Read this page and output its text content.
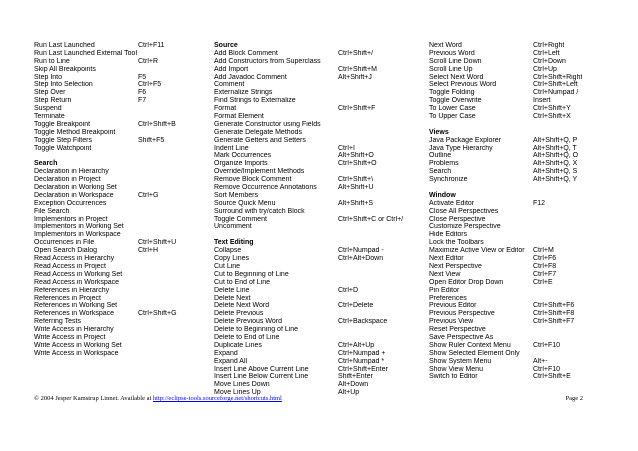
Run Last Launched	Ctrl+F11
Run Last Launched External Tool
Run to Line	Ctrl+R
Skip All Breakpoints
Step Into	F5
Step Into Selection	Ctrl+F5
Step Over	F6
Step Return	F7
Suspend
Terminate
Toggle Breakpoint	Ctrl+Shift+B
Toggle Method Breakpoint
Toggle Step Filters	Shift+F5
Toggle Watchpoint
Search
Declaration in Hierarchy
Declaration in Project
Declaration in Working Set
Declaration in Workspace	Ctrl+G
Exception Occurrences
File Search
Implementors in Project
Implementors in Working Set
Implementors in Workspace
Occurrences in File	Ctrl+Shift+U
Open Search Dialog	Ctrl+H
Read Access in Hierarchy
Read Access in Project
Read Access in Working Set
Read Access in Workspace
References in Hierarchy
References in Project
References in Working Set
References in Workspace	Ctrl+Shift+G
Referring Tests
Write Access in Hierarchy
Write Access in Project
Write Access in Working Set
Write Access in Workspace
Source
Add Block Comment	Ctrl+Shift+/
Add Constructors from Superclass
Add Import	Ctrl+Shift+M
Add Javadoc Comment	Alt+Shift+J
Comment
Externalize Strings
Find Strings to Externalize
Format	Ctrl+Shift+F
Format Element
Generate Constructor using Fields
Generate Delegate Methods
Generate Getters and Setters
Indent Line	Ctrl+I
Mark Occurrences	Alt+Shift+O
Organize Imports	Ctrl+Shift+O
Override/Implement Methods
Remove Block Comment	Ctrl+Shift+\
Remove Occurrence Annotations	Alt+Shift+U
Sort Members
Source Quick Menu	Alt+Shift+S
Surround with try/catch Block
Toggle Comment	Ctrl+Shift+C or Ctrl+/
Uncomment
Text Editing
Collapse	Ctrl+Numpad -
Copy Lines	Ctrl+Alt+Down
Cut Line
Cut to Beginning of Line
Cut to End of Line
Delete Line	Ctrl+D
Delete Next
Delete Next Word	Ctrl+Delete
Delete Previous
Delete Previous Word	Ctrl+Backspace
Delete to Beginning of Line
Delete to End of Line
Duplicate Lines	Ctrl+Alt+Up
Expand	Ctrl+Numpad +
Expand All	Ctrl+Numpad *
Insert Line Above Current Line	Ctrl+Shift+Enter
Insert Line Below Current Line	Shift+Enter
Move Lines Down	Alt+Down
Move Lines Up	Alt+Up
Next Word	Ctrl+Right
Previous Word	Ctrl+Left
Scroll Line Down	Ctrl+Down
Scroll Line Up	Ctrl+Up
Select Next Word	Ctrl+Shift+Right
Select Previous Word	Ctrl+Shift+Left
Toggle Folding	Ctrl+Numpad /
Toggle Overwrite	Insert
To Lower Case	Ctrl+Shift+Y
To Upper Case	Ctrl+Shift+X
Views
Java Package Explorer	Alt+Shift+Q, P
Java Type Hierarchy	Alt+Shift+Q, T
Outline	Alt+Shift+Q, O
Problems	Alt+Shift+Q, X
Search	Alt+Shift+Q, S
Synchronize	Alt+Shift+Q, Y
Window
Activate Editor	F12
Close All Perspectives
Close Perspective
Customize Perspective
Hide Editors
Lock the Toolbars
Maximize Active View or Editor	Ctrl+M
Next Editor	Ctrl+F6
Next Perspective	Ctrl+F8
Next View	Ctrl+F7
Open Editor Drop Down	Ctrl+E
Pin Editor
Preferences
Previous Editor	Ctrl+Shift+F6
Previous Perspective	Ctrl+Shift+F8
Previous View	Ctrl+Shift+F7
Reset Perspective
Save Perspective As
Show Ruler Context Menu	Ctrl+F10
Show Selected Element Only
Show System Menu	Alt+-
Show View Menu	Ctrl+F10
Switch to Editor	Ctrl+Shift+E
© 2004 Jesper Kamstrup Linnet. Available at http://eclipse-tools.sourceforge.net/shortcuts.html	Page 2
